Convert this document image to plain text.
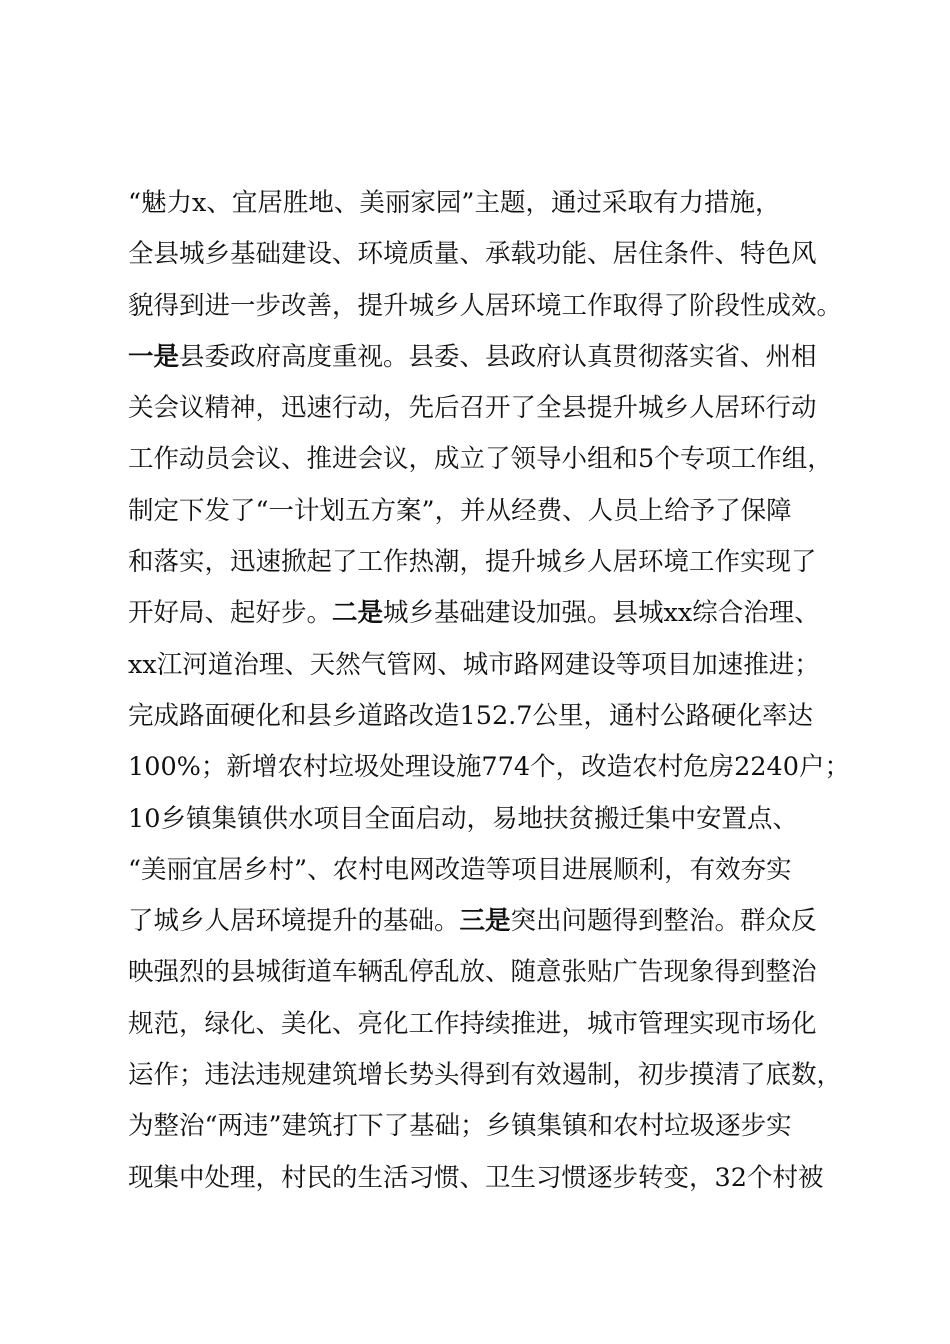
“魅力x、宜居胜地、美丽家园”主题，通过采取有力措施，
全县城乡基础建设、环境质量、承载功能、居住条件、特色风
貌得到进一步改善，提升城乡人居环境工作取得了阶段性成效。
一是县委政府高度重视。县委、县政府认真贯彻落实省、州相
关会议精神，迅速行动，先后召开了全县提升城乡人居环行动
工作动员会议、推进会议，成立了领导小组和5个专项工作组，
制定下发了“一计划五方案”，并从经费、人员上给予了保障
和落实，迅速掀起了工作热潮，提升城乡人居环境工作实现了
开好局、起好步。二是城乡基础建设加强。县城xx综合治理、
xx江河道治理、天然气管网、城市路网建设等项目加速推进；
完成路面硬化和县乡道路改造152.7公里，通村公路硬化率达
100%；新增农村垃圾处理设施774个，改造农村危房2240户；
10乡镇集镇供水项目全面启动，易地扶贫搬迁集中安置点、
“美丽宜居乡村”、农村电网改造等项目进展顺利，有效夯实
了城乡人居环境提升的基础。三是突出问题得到整治。群众反
映强烈的县城街道车辆乱停乱放、随意张贴广告现象得到整治
规范，绿化、美化、亮化工作持续推进，城市管理实现市场化
运作；违法违规建筑增长势头得到有效遏制，初步摸清了底数，
为整治“两违”建筑打下了基础；乡镇集镇和农村垃圾逐步实
现集中处理，村民的生活习惯、卫生习惯逐步转变，32个村被
